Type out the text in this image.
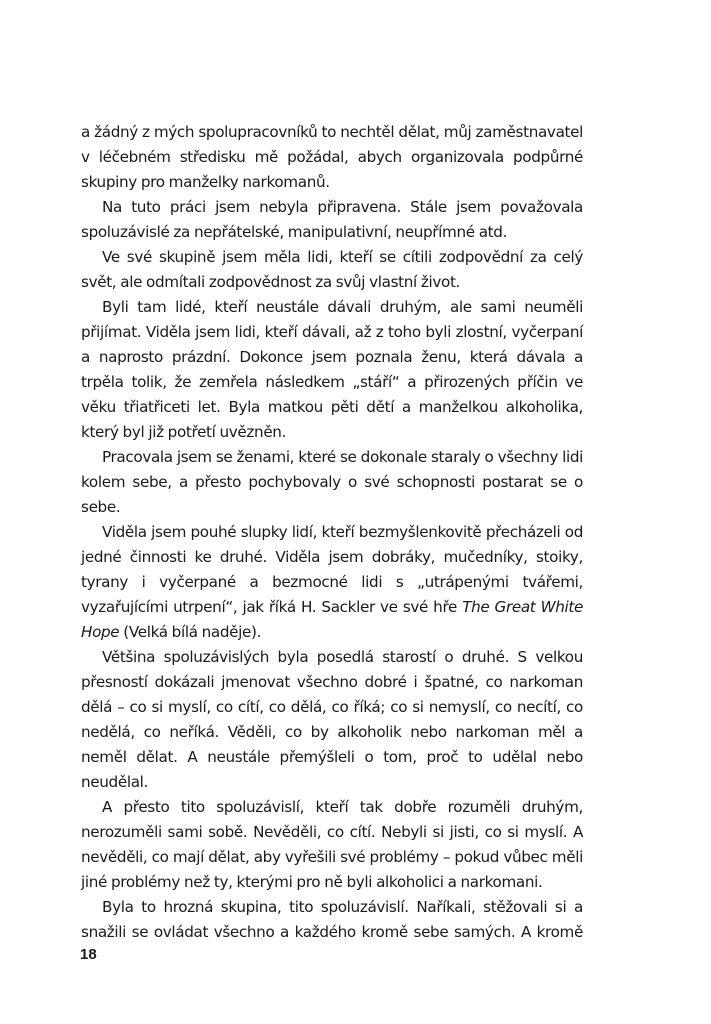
a žádný z mých spolupracovníků to nechtěl dělat, můj zaměstnavatel v léčebném středisku mě požádal, abych organizovala podpůrné skupiny pro manželky narkomanů.

Na tuto práci jsem nebyla připravena. Stále jsem považovala spoluzávislé za nepřátelské, manipulativní, neupřímné atd.

Ve své skupině jsem měla lidi, kteří se cítili zodpovědní za celý svět, ale odmítali zodpovědnost za svůj vlastní život.

Byli tam lidé, kteří neustále dávali druhým, ale sami neuměli přijímat. Viděla jsem lidi, kteří dávali, až z toho byli zlostní, vyčerpaní a naprosto prázdní. Dokonce jsem poznala ženu, která dávala a trpěla tolik, že zemřela následkem „stáří“ a přirozených příčin ve věku třiatřiceti let. Byla matkou pěti dětí a manželkou alkoholika, který byl již potřetí uvězněn.

Pracovala jsem se ženami, které se dokonale staraly o všechny lidi kolem sebe, a přesto pochybovaly o své schopnosti postarat se o sebe.

Viděla jsem pouhé slupky lidí, kteří bezmyšlenkovitě přecházeli od jedné činnosti ke druhé. Viděla jsem dobráky, mučedníky, stoiky, tyrany i vyčerpané a bezmocné lidi s „utrápenými tvářemi, vyzařujícími utrpení“, jak říká H. Sackler ve své hře The Great White Hope (Velká bílá naděje).

Většina spoluzávislých byla posedlá starostí o druhé. S velkou přesností dokázali jmenovat všechno dobré i špatné, co narkoman dělá – co si myslí, co cítí, co dělá, co říká; co si nemyslí, co necítí, co nedělá, co neříká. Věděli, co by alkoholik nebo narkoman měl a neměl dělat. A neustále přemýšleli o tom, proč to udělal nebo neudělal.

A přesto tito spoluzávislí, kteří tak dobře rozuměli druhým, nerozuměli sami sobě. Nevěděli, co cítí. Nebyli si jisti, co si myslí. A nevěděli, co mají dělat, aby vyřešili své problémy – pokud vůbec měli jiné problémy než ty, kterými pro ně byli alkoholici a narkomani.

Byla to hrozná skupina, tito spoluzávislí. Naříkali, stěžovali si a snažili se ovládat všechno a každého kromě sebe samých. A kromě

18
